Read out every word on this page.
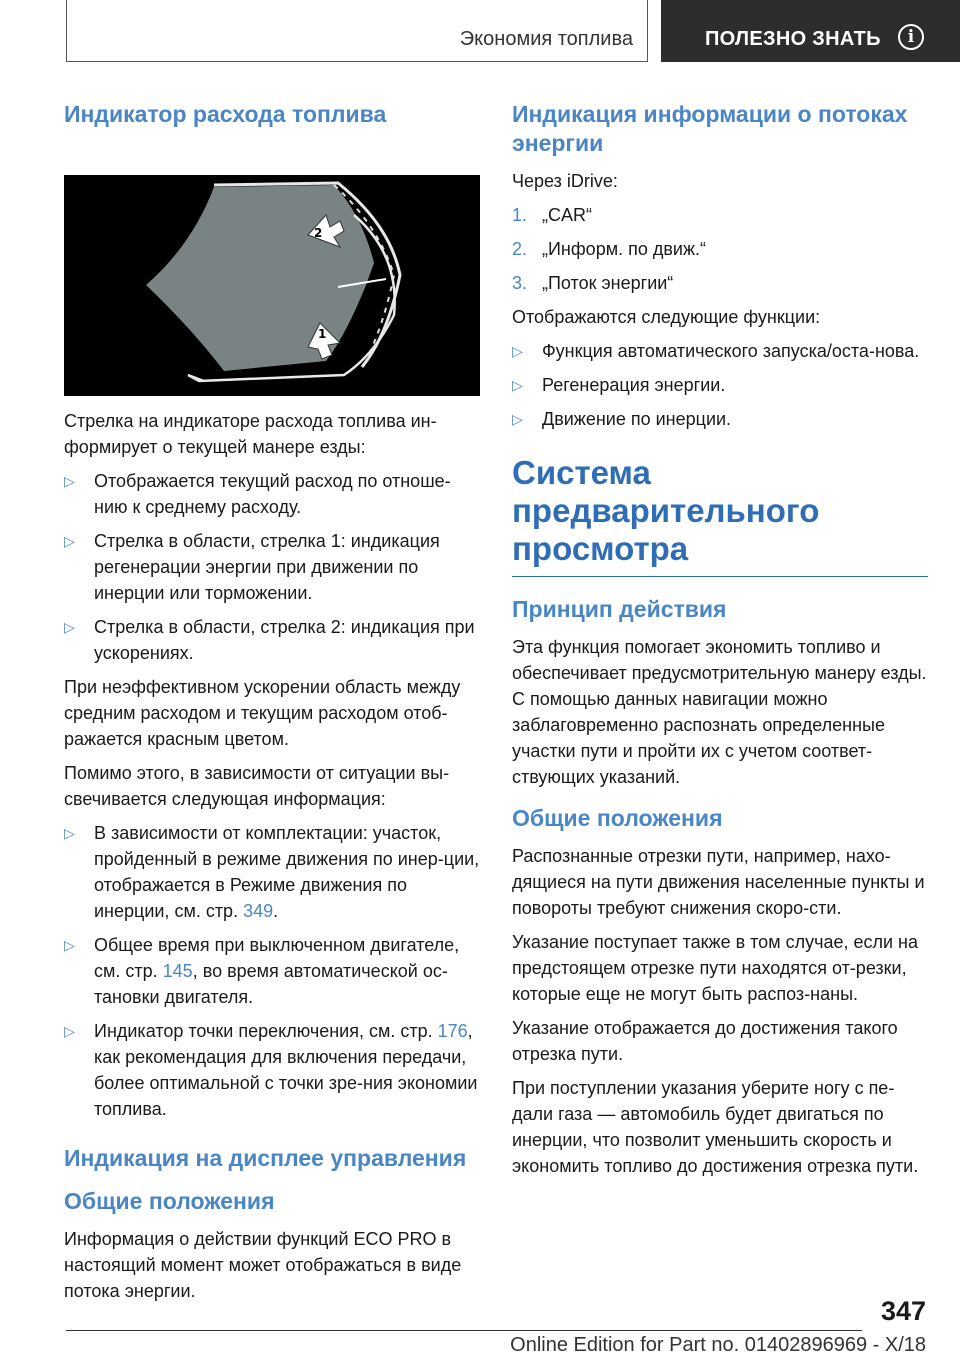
Экономия топлива	ПОЛЕЗНО ЗНАТЬ	i
Индикатор расхода топлива
2
1

Стрелка на индикаторе расхода топлива ин-формирует о текущей манере езды:

▷ Отображается текущий расход по отноше-нию к среднему расходу.
▷ Стрелка в области, стрелка 1: индикация регенерации энергии при движении по инерции или торможении.
▷ Стрелка в области, стрелка 2: индикация при ускорениях.

При неэффективном ускорении область между средним расходом и текущим расходом отоб-ражается красным цветом.

Помимо этого, в зависимости от ситуации вы-свечивается следующая информация:

▷ В зависимости от комплектации: участок, пройденный в режиме движения по инер-ции, отображается в Режиме движения по инерции, см. стр. 349.
▷ Общее время при выключенном двигателе, см. стр. 145, во время автоматической ос-тановки двигателя.
▷ Индикатор точки переключения, см. стр. 176, как рекомендация для включения передачи, более оптимальной с точки зре-ния экономии топлива.
Индикация на дисплее управления
Общие положения

Информация о действии функций ECO PRO в настоящий момент может отображаться в виде потока энергии.

Индикация информации о потоках энергии

Через iDrive:

1. „CAR“
2. „Информ. по движ.“
3. „Поток энергии“

Отображаются следующие функции:

▷ Функция автоматического запуска/оста-нова.
▷ Регенерация энергии.
▷ Движение по инерции.
Система предварительного просмотра
Принцип действия

Эта функция помогает экономить топливо и обеспечивает предусмотрительную манеру езды. С помощью данных навигации можно заблаговременно распознать определенные участки пути и пройти их с учетом соответ-ствующих указаний.

Общие положения

Распознанные отрезки пути, например, нахо-дящиеся на пути движения населенные пункты и повороты требуют снижения скоро-сти.

Указание поступает также в том случае, если на предстоящем отрезке пути находятся от-резки, которые еще не могут быть распоз-наны.

Указание отображается до достижения такого отрезка пути.

При поступлении указания уберите ногу с пе-дали газа — автомобиль будет двигаться по инерции, что позволит уменьшить скорость и экономить топливо до достижения отрезка пути.

347
Online Edition for Part no. 01402896969 - X/18
